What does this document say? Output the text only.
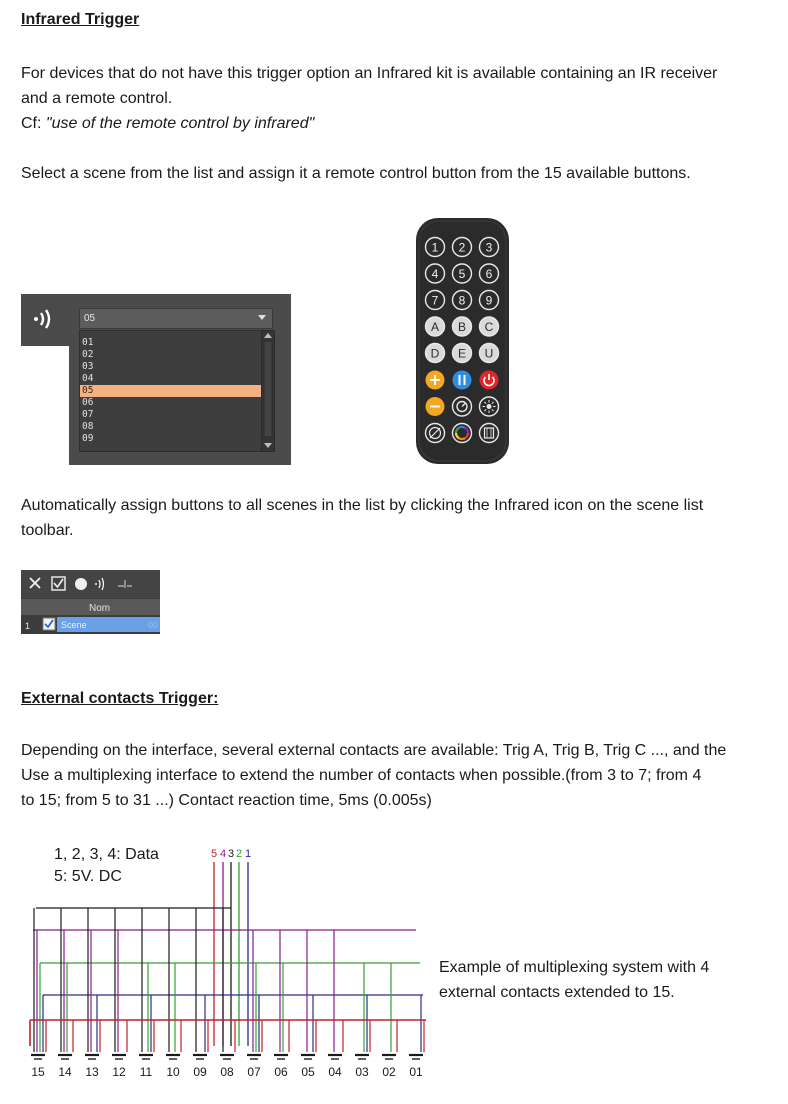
Infrared Trigger
For devices that do not have this trigger option an Infrared kit is available containing an IR receiver
and a remote control.
Cf: "use of the remote control by infrared"
Select a scene from the list and assign it a remote control button from the 15 available buttons.
05
01
02
03
04
05
06
07
08
09
1 2 3
4 5 6
7 8 9
A B C
D E U
Automatically assign buttons to all scenes in the list by clicking the Infrared icon on the scene list
toolbar.
Nom
1	Scene	00
External contacts Trigger:
Depending on the interface, several external contacts are available: Trig A, Trig B, Trig C ..., and the
Use a multiplexing interface to extend the number of contacts when possible.(from 3 to 7; from 4
to 15; from 5 to 31 ...) Contact reaction time, 5ms (0.005s)
1, 2, 3, 4: Data
5: 5V. DC
5 4 3 2 1
15 14 13 12 11 10 09 08 07 06 05 04 03 02 01
Example of multiplexing system with 4
external contacts extended to 15.
